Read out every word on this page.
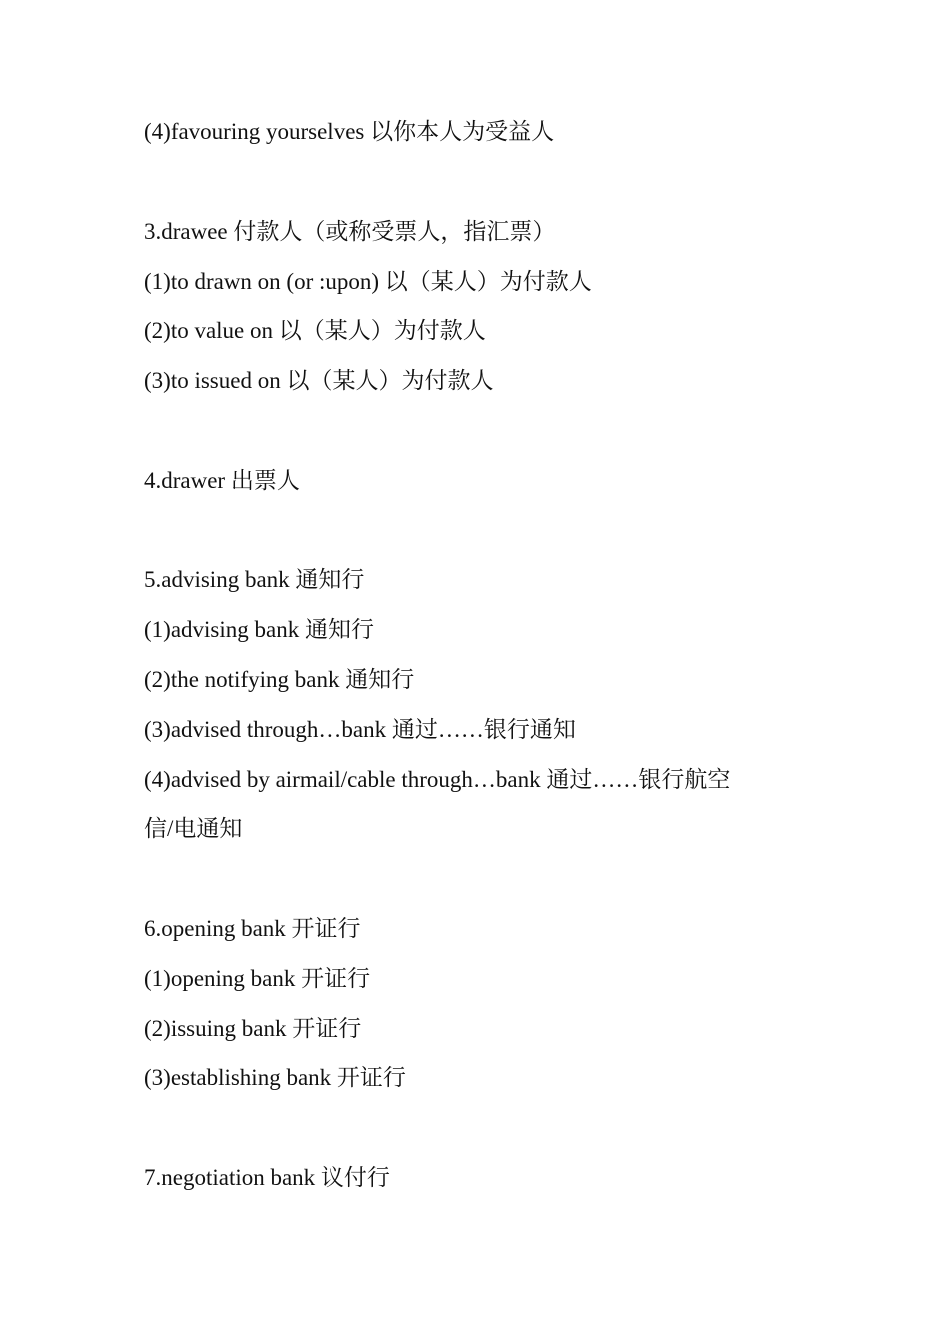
(4)favouring yourselves 以你本人为受益人
3.drawee 付款人（或称受票人，指汇票）
(1)to drawn on (or :upon) 以（某人）为付款人
(2)to value on 以（某人）为付款人
(3)to issued on 以（某人）为付款人
4.drawer 出票人
5.advising bank 通知行
(1)advising bank 通知行
(2)the notifying bank 通知行
(3)advised through…bank 通过……银行通知
(4)advised by airmail/cable through…bank 通过……银行航空
信/电通知
6.opening bank 开证行
(1)opening bank 开证行
(2)issuing bank 开证行
(3)establishing bank 开证行
7.negotiation bank 议付行
